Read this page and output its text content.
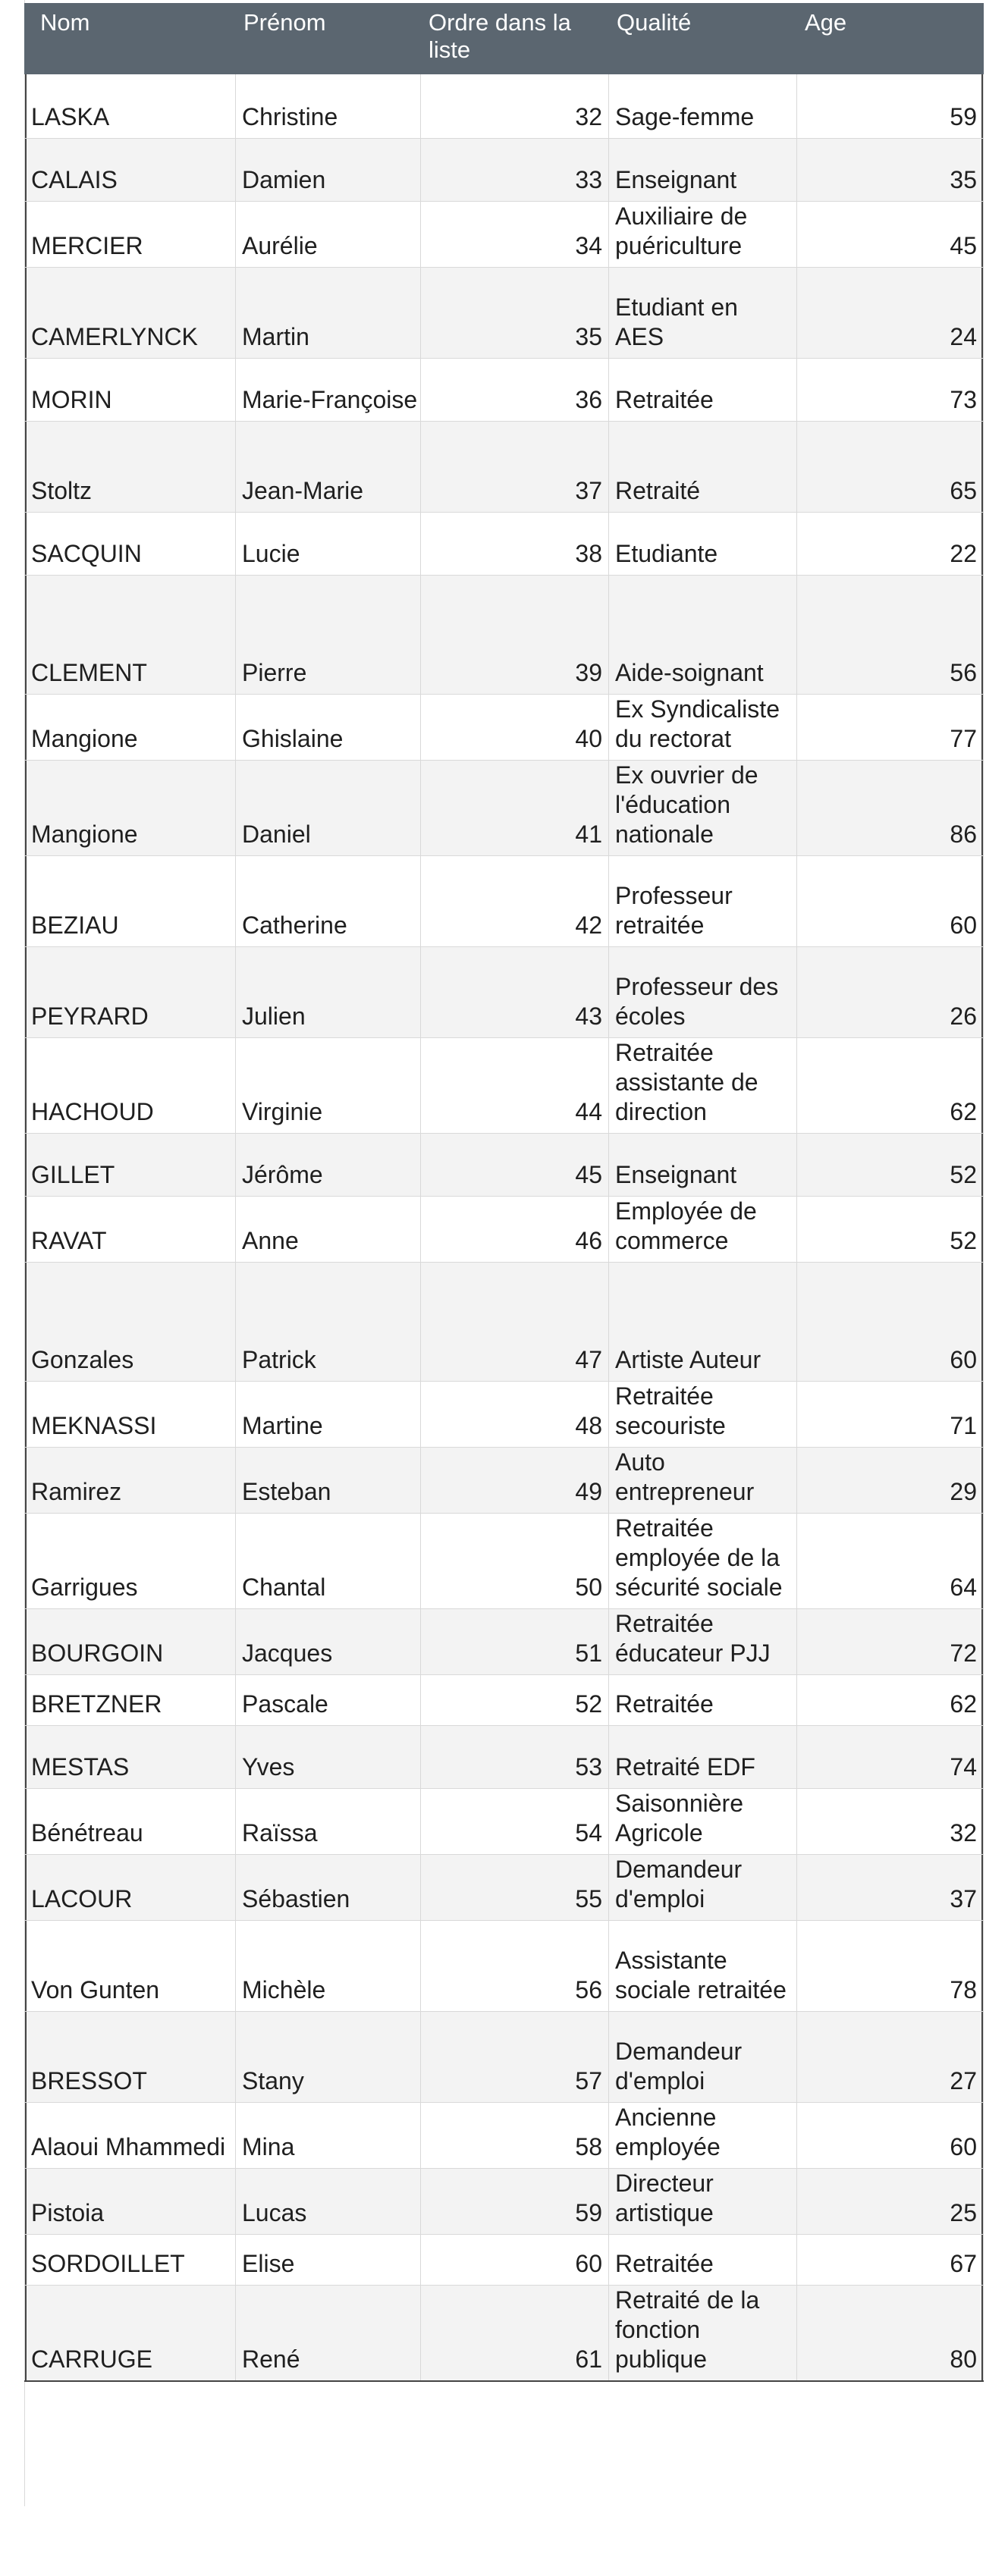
Nom	Prénom	Ordre dans la liste	Qualité	Age
LASKA	Christine	32	Sage-femme	59
CALAIS	Damien	33	Enseignant	35
MERCIER	Aurélie	34	Auxiliaire de puériculture	45
CAMERLYNCK	Martin	35	Etudiant en AES	24
MORIN	Marie-Françoise	36	Retraitée	73
Stoltz	Jean-Marie	37	Retraité	65
SACQUIN	Lucie	38	Etudiante	22
CLEMENT	Pierre	39	Aide-soignant	56
Mangione	Ghislaine	40	Ex Syndicaliste du rectorat	77
Mangione	Daniel	41	Ex ouvrier de l'éducation nationale	86
BEZIAU	Catherine	42	Professeur retraitée	60
PEYRARD	Julien	43	Professeur des écoles	26
HACHOUD	Virginie	44	Retraitée assistante de direction	62
GILLET	Jérôme	45	Enseignant	52
RAVAT	Anne	46	Employée de commerce	52
Gonzales	Patrick	47	Artiste Auteur	60
MEKNASSI	Martine	48	Retraitée secouriste	71
Ramirez	Esteban	49	Auto entrepreneur	29
Garrigues	Chantal	50	Retraitée employée de la sécurité sociale	64
BOURGOIN	Jacques	51	Retraitée éducateur PJJ	72
BRETZNER	Pascale	52	Retraitée	62
MESTAS	Yves	53	Retraité EDF	74
Bénétreau	Raïssa	54	Saisonnière Agricole	32
LACOUR	Sébastien	55	Demandeur d'emploi	37
Von Gunten	Michèle	56	Assistante sociale retraitée	78
BRESSOT	Stany	57	Demandeur d'emploi	27
Alaoui Mhammedi	Mina	58	Ancienne employée	60
Pistoia	Lucas	59	Directeur artistique	25
SORDOILLET	Elise	60	Retraitée	67
CARRUGE	René	61	Retraité de la fonction publique	80
